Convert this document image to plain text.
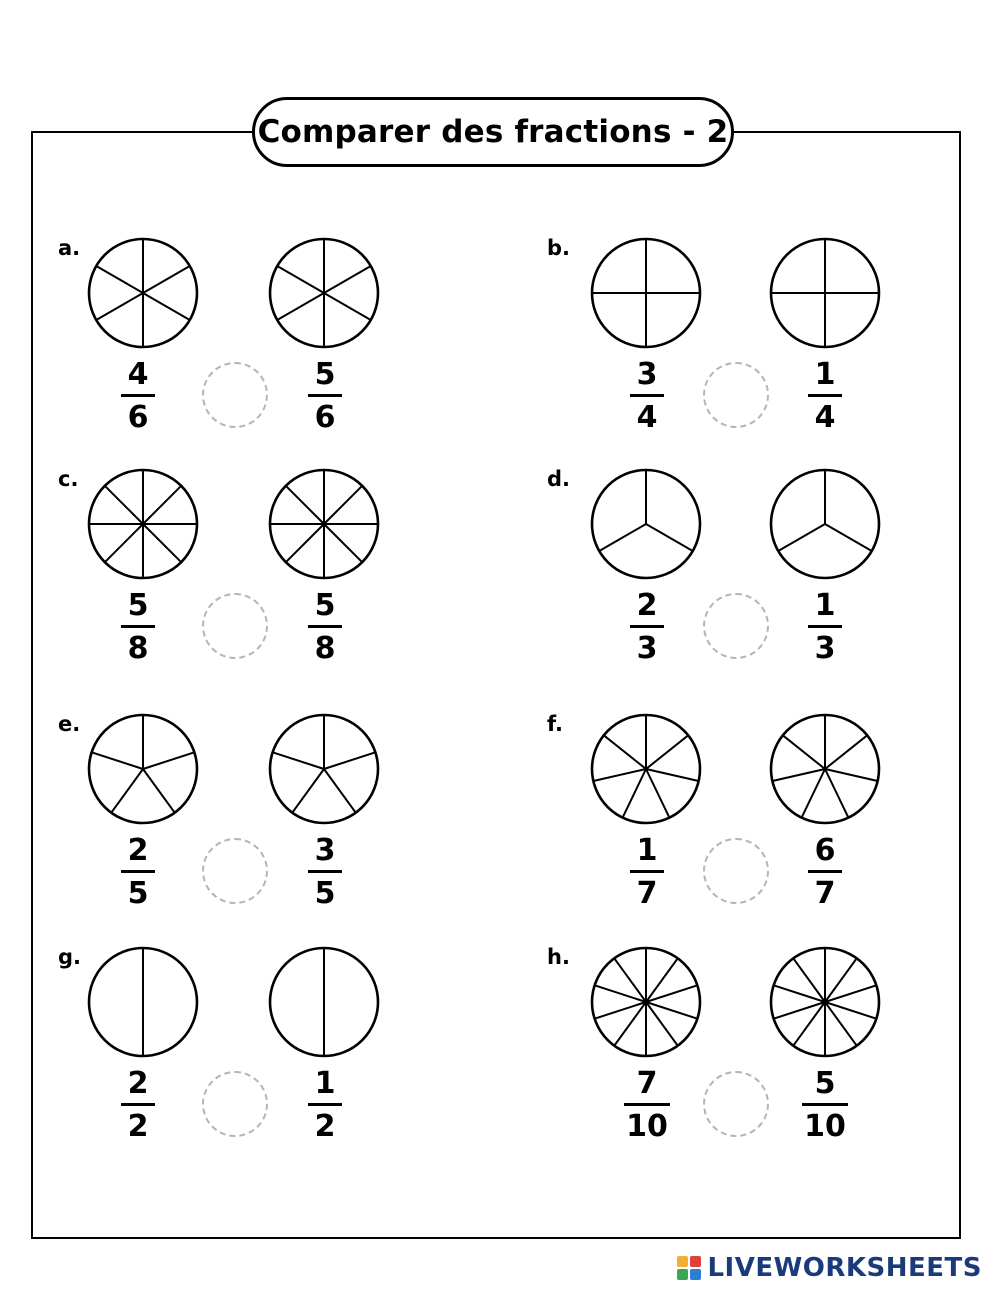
Comparer des fractions - 2
a.
4
6
5
6
b.
3
4
1
4
c.
5
8
5
8
d.
2
3
1
3
e.
2
5
3
5
f.
1
7
6
7
g.
2
2
1
2
h.
7
10
5
10
LIVEWORKSHEETS
